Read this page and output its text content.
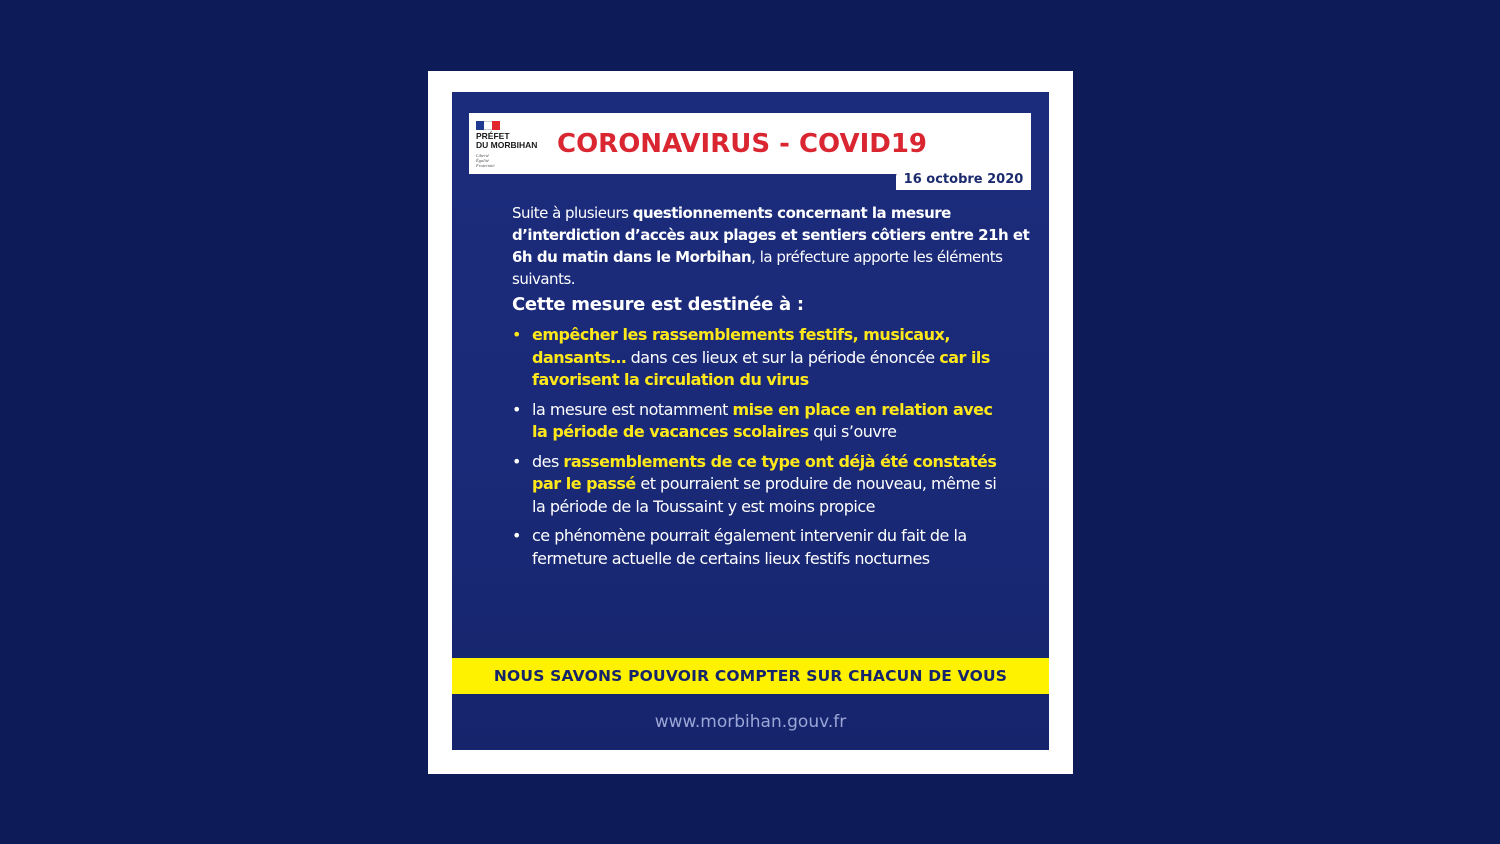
PRÉFET
DU MORBIHAN
Liberté
Égalité
Fraternité
CORONAVIRUS - COVID19
16 octobre 2020
Suite à plusieurs questionnements concernant la mesure d’interdiction d’accès aux plages et sentiers côtiers entre 21h et 6h du matin dans le Morbihan, la préfecture apporte les éléments suivants.
Cette mesure est destinée à :
• empêcher les rassemblements festifs, musicaux, dansants… dans ces lieux et sur la période énoncée car ils favorisent la circulation du virus
• la mesure est notamment mise en place en relation avec la période de vacances scolaires qui s’ouvre
• des rassemblements de ce type ont déjà été constatés par le passé et pourraient se produire de nouveau, même si la période de la Toussaint y est moins propice
• ce phénomène pourrait également intervenir du fait de la fermeture actuelle de certains lieux festifs nocturnes
NOUS SAVONS POUVOIR COMPTER SUR CHACUN DE VOUS
www.morbihan.gouv.fr
